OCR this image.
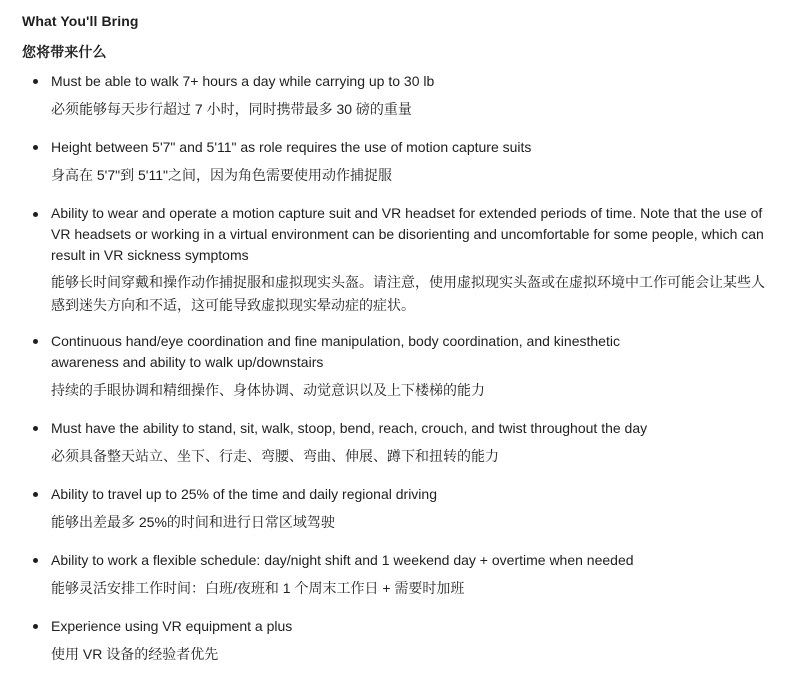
What You'll Bring
您将带来什么
Must be able to walk 7+ hours a day while carrying up to 30 lb
必须能够每天步行超过 7 小时，同时携带最多 30 磅的重量
Height between 5'7" and 5'11" as role requires the use of motion capture suits
身高在 5'7"到 5'11"之间，因为角色需要使用动作捕捉服
Ability to wear and operate a motion capture suit and VR headset for extended periods of time. Note that the use of VR headsets or working in a virtual environment can be disorienting and uncomfortable for some people, which can result in VR sickness symptoms
能够长时间穿戴和操作动作捕捉服和虚拟现实头盔。请注意，使用虚拟现实头盔或在虚拟环境中工作可能会让某些人感到迷失方向和不适，这可能导致虚拟现实晕动症的症状。
Continuous hand/eye coordination and fine manipulation, body coordination, and kinesthetic awareness and ability to walk up/downstairs
持续的手眼协调和精细操作、身体协调、动觉意识以及上下楼梯的能力
Must have the ability to stand, sit, walk, stoop, bend, reach, crouch, and twist throughout the day
必须具备整天站立、坐下、行走、弯腰、弯曲、伸展、蹲下和扭转的能力
Ability to travel up to 25% of the time and daily regional driving
能够出差最多 25%的时间和进行日常区域驾驶
Ability to work a flexible schedule: day/night shift and 1 weekend day + overtime when needed
能够灵活安排工作时间：白班/夜班和 1 个周末工作日 + 需要时加班
Experience using VR equipment a plus
使用 VR 设备的经验者优先
